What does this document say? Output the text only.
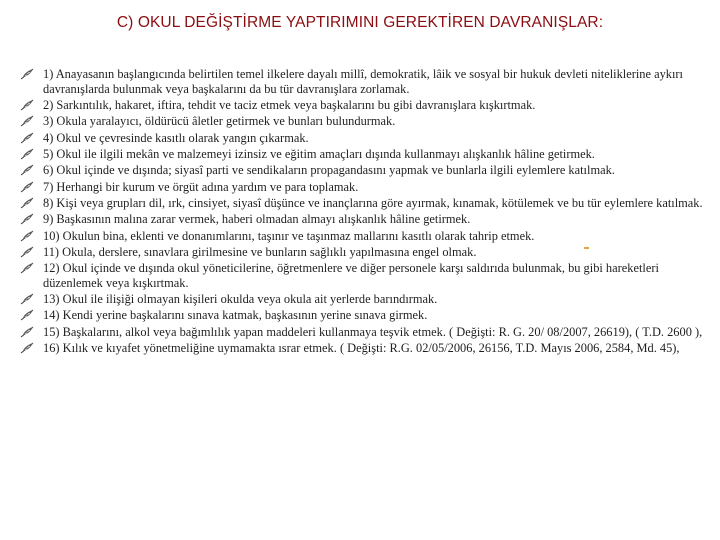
C) OKUL DEĞİŞTİRME YAPTIRIMINI GEREKTİREN DAVRANIŞLAR:
1) Anayasanın başlangıcında belirtilen temel ilkelere dayalı millî, demokratik, lâik ve sosyal bir hukuk devleti niteliklerine aykırı davranışlarda bulunmak veya başkalarını da bu tür davranışlara zorlamak.
2) Sarkıntılık, hakaret, iftira, tehdit ve taciz etmek veya başkalarını bu gibi davranışlara kışkırtmak.
3) Okula yaralayıcı, öldürücü âletler getirmek ve bunları bulundurmak.
4) Okul ve çevresinde kasıtlı olarak yangın çıkarmak.
5) Okul ile ilgili mekân ve malzemeyi izinsiz ve eğitim amaçları dışında kullanmayı alışkanlık hâline getirmek.
6) Okul içinde ve dışında; siyasî parti ve sendikaların propagandasını yapmak ve bunlarla ilgili eylemlere katılmak.
7) Herhangi bir kurum ve örgüt adına yardım ve para toplamak.
8) Kişi veya grupları dil, ırk, cinsiyet, siyasî düşünce ve inançlarına göre ayırmak, kınamak, kötülemek ve bu tür eylemlere katılmak.
9) Başkasının malına zarar vermek, haberi olmadan almayı alışkanlık hâline getirmek.
10) Okulun bina, eklenti ve donanımlarını, taşınır ve taşınmaz mallarını kasıtlı olarak tahrip etmek.
11) Okula, derslere, sınavlara girilmesine ve bunların sağlıklı yapılmasına engel olmak.
12) Okul içinde ve dışında okul yöneticilerine, öğretmenlere ve diğer personele karşı saldırıda bulunmak, bu gibi hareketleri düzenlemek veya kışkırtmak.
13) Okul ile ilişiği olmayan kişileri okulda veya okula ait yerlerde barındırmak.
14) Kendi yerine başkalarını sınava katmak, başkasının yerine sınava girmek.
15) Başkalarını, alkol veya bağımlılık yapan maddeleri kullanmaya teşvik etmek. ( Değişti: R. G. 20/ 08/2007, 26619), ( T.D. 2600 ),
16) Kılık ve kıyafet yönetmeliğine uymamakta ısrar etmek. ( Değişti: R.G. 02/05/2006, 26156, T.D. Mayıs 2006, 2584, Md. 45),
